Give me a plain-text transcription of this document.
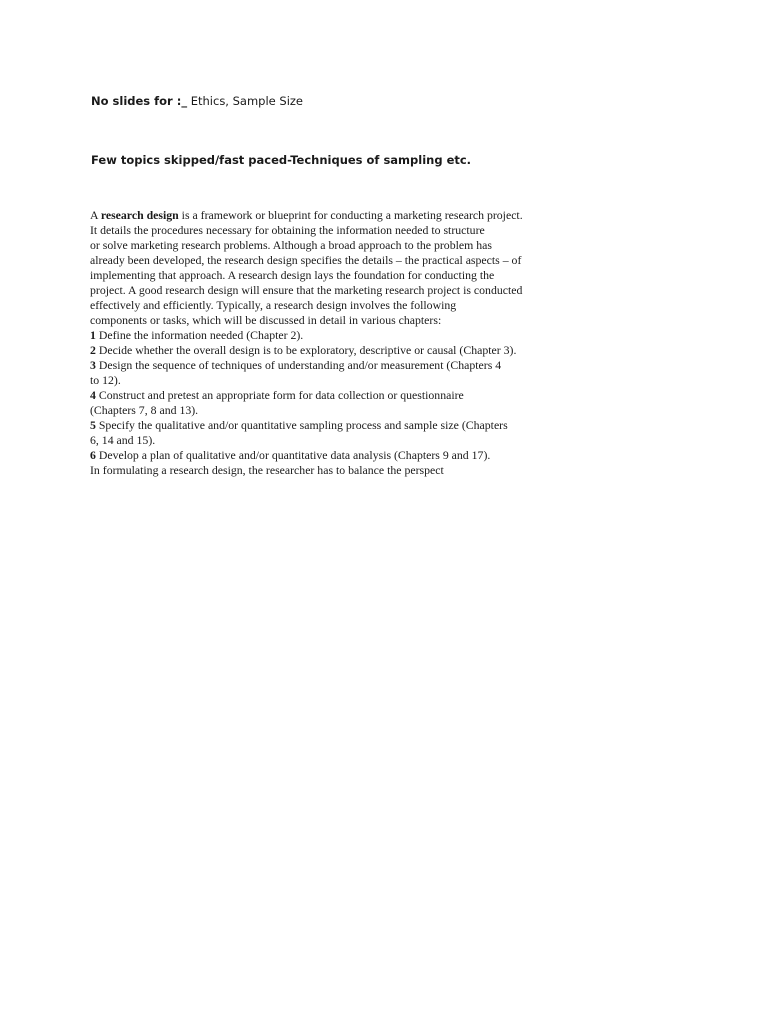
No slides for :_ Ethics, Sample Size
Few topics skipped/fast paced-Techniques of sampling etc.
A research design is a framework or blueprint for conducting a marketing research project.
It details the procedures necessary for obtaining the information needed to structure
or solve marketing research problems. Although a broad approach to the problem has
already been developed, the research design specifies the details – the practical aspects – of
implementing that approach. A research design lays the foundation for conducting the
project. A good research design will ensure that the marketing research project is conducted
effectively and efficiently. Typically, a research design involves the following
components or tasks, which will be discussed in detail in various chapters:
1 Define the information needed (Chapter 2).
2 Decide whether the overall design is to be exploratory, descriptive or causal (Chapter 3).
3 Design the sequence of techniques of understanding and/or measurement (Chapters 4
to 12).
4 Construct and pretest an appropriate form for data collection or questionnaire
(Chapters 7, 8 and 13).
5 Specify the qualitative and/or quantitative sampling process and sample size (Chapters
6, 14 and 15).
6 Develop a plan of qualitative and/or quantitative data analysis (Chapters 9 and 17).
In formulating a research design, the researcher has to balance the perspect
